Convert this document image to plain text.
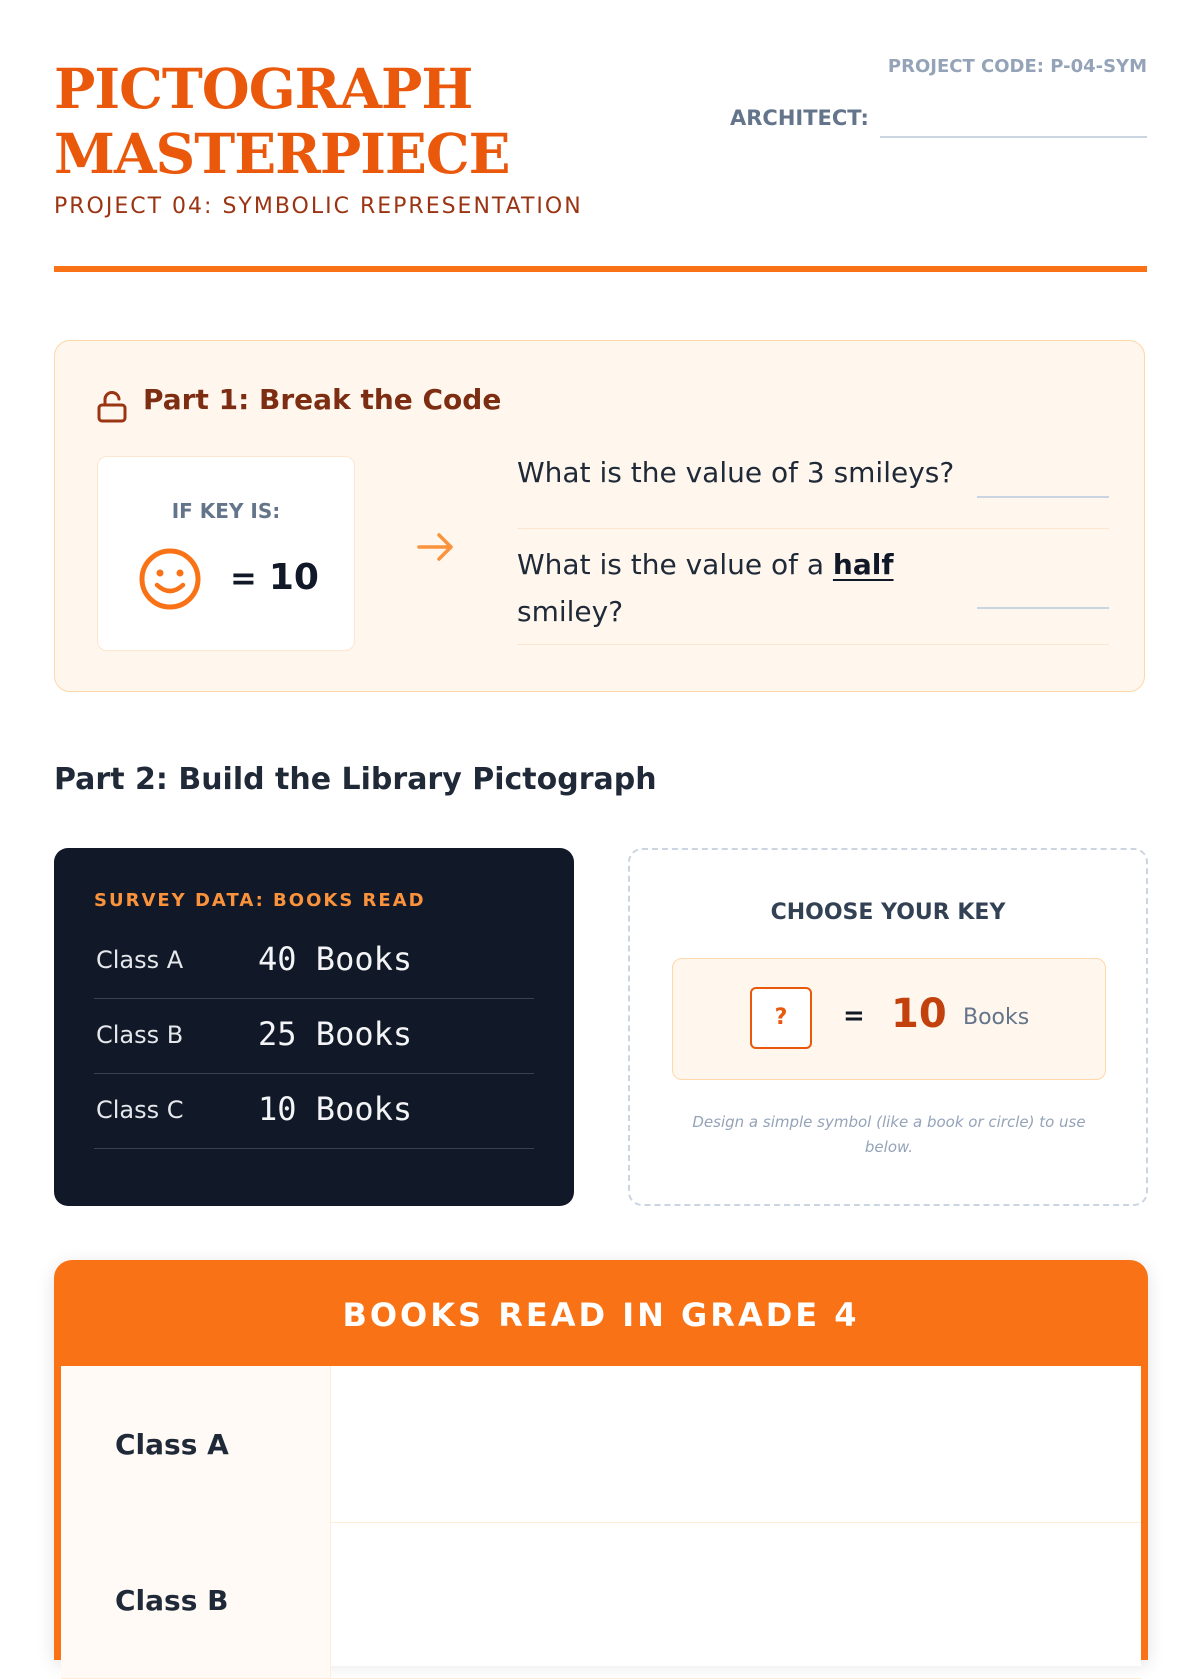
PICTOGRAPH MASTERPIECE
PROJECT 04: SYMBOLIC REPRESENTATION
PROJECT CODE: P-04-SYM
ARCHITECT:
Part 1: Break the Code
IF KEY IS:
= 10
What is the value of 3 smileys?
What is the value of a half smiley?
Part 2: Build the Library Pictograph
SURVEY DATA: BOOKS READ
Class A 40 Books
Class B 25 Books
Class C 10 Books
CHOOSE YOUR KEY
?	= 10 Books
Design a simple symbol (like a book or circle) to use below.
BOOKS READ IN GRADE 4
Class A
Class B
